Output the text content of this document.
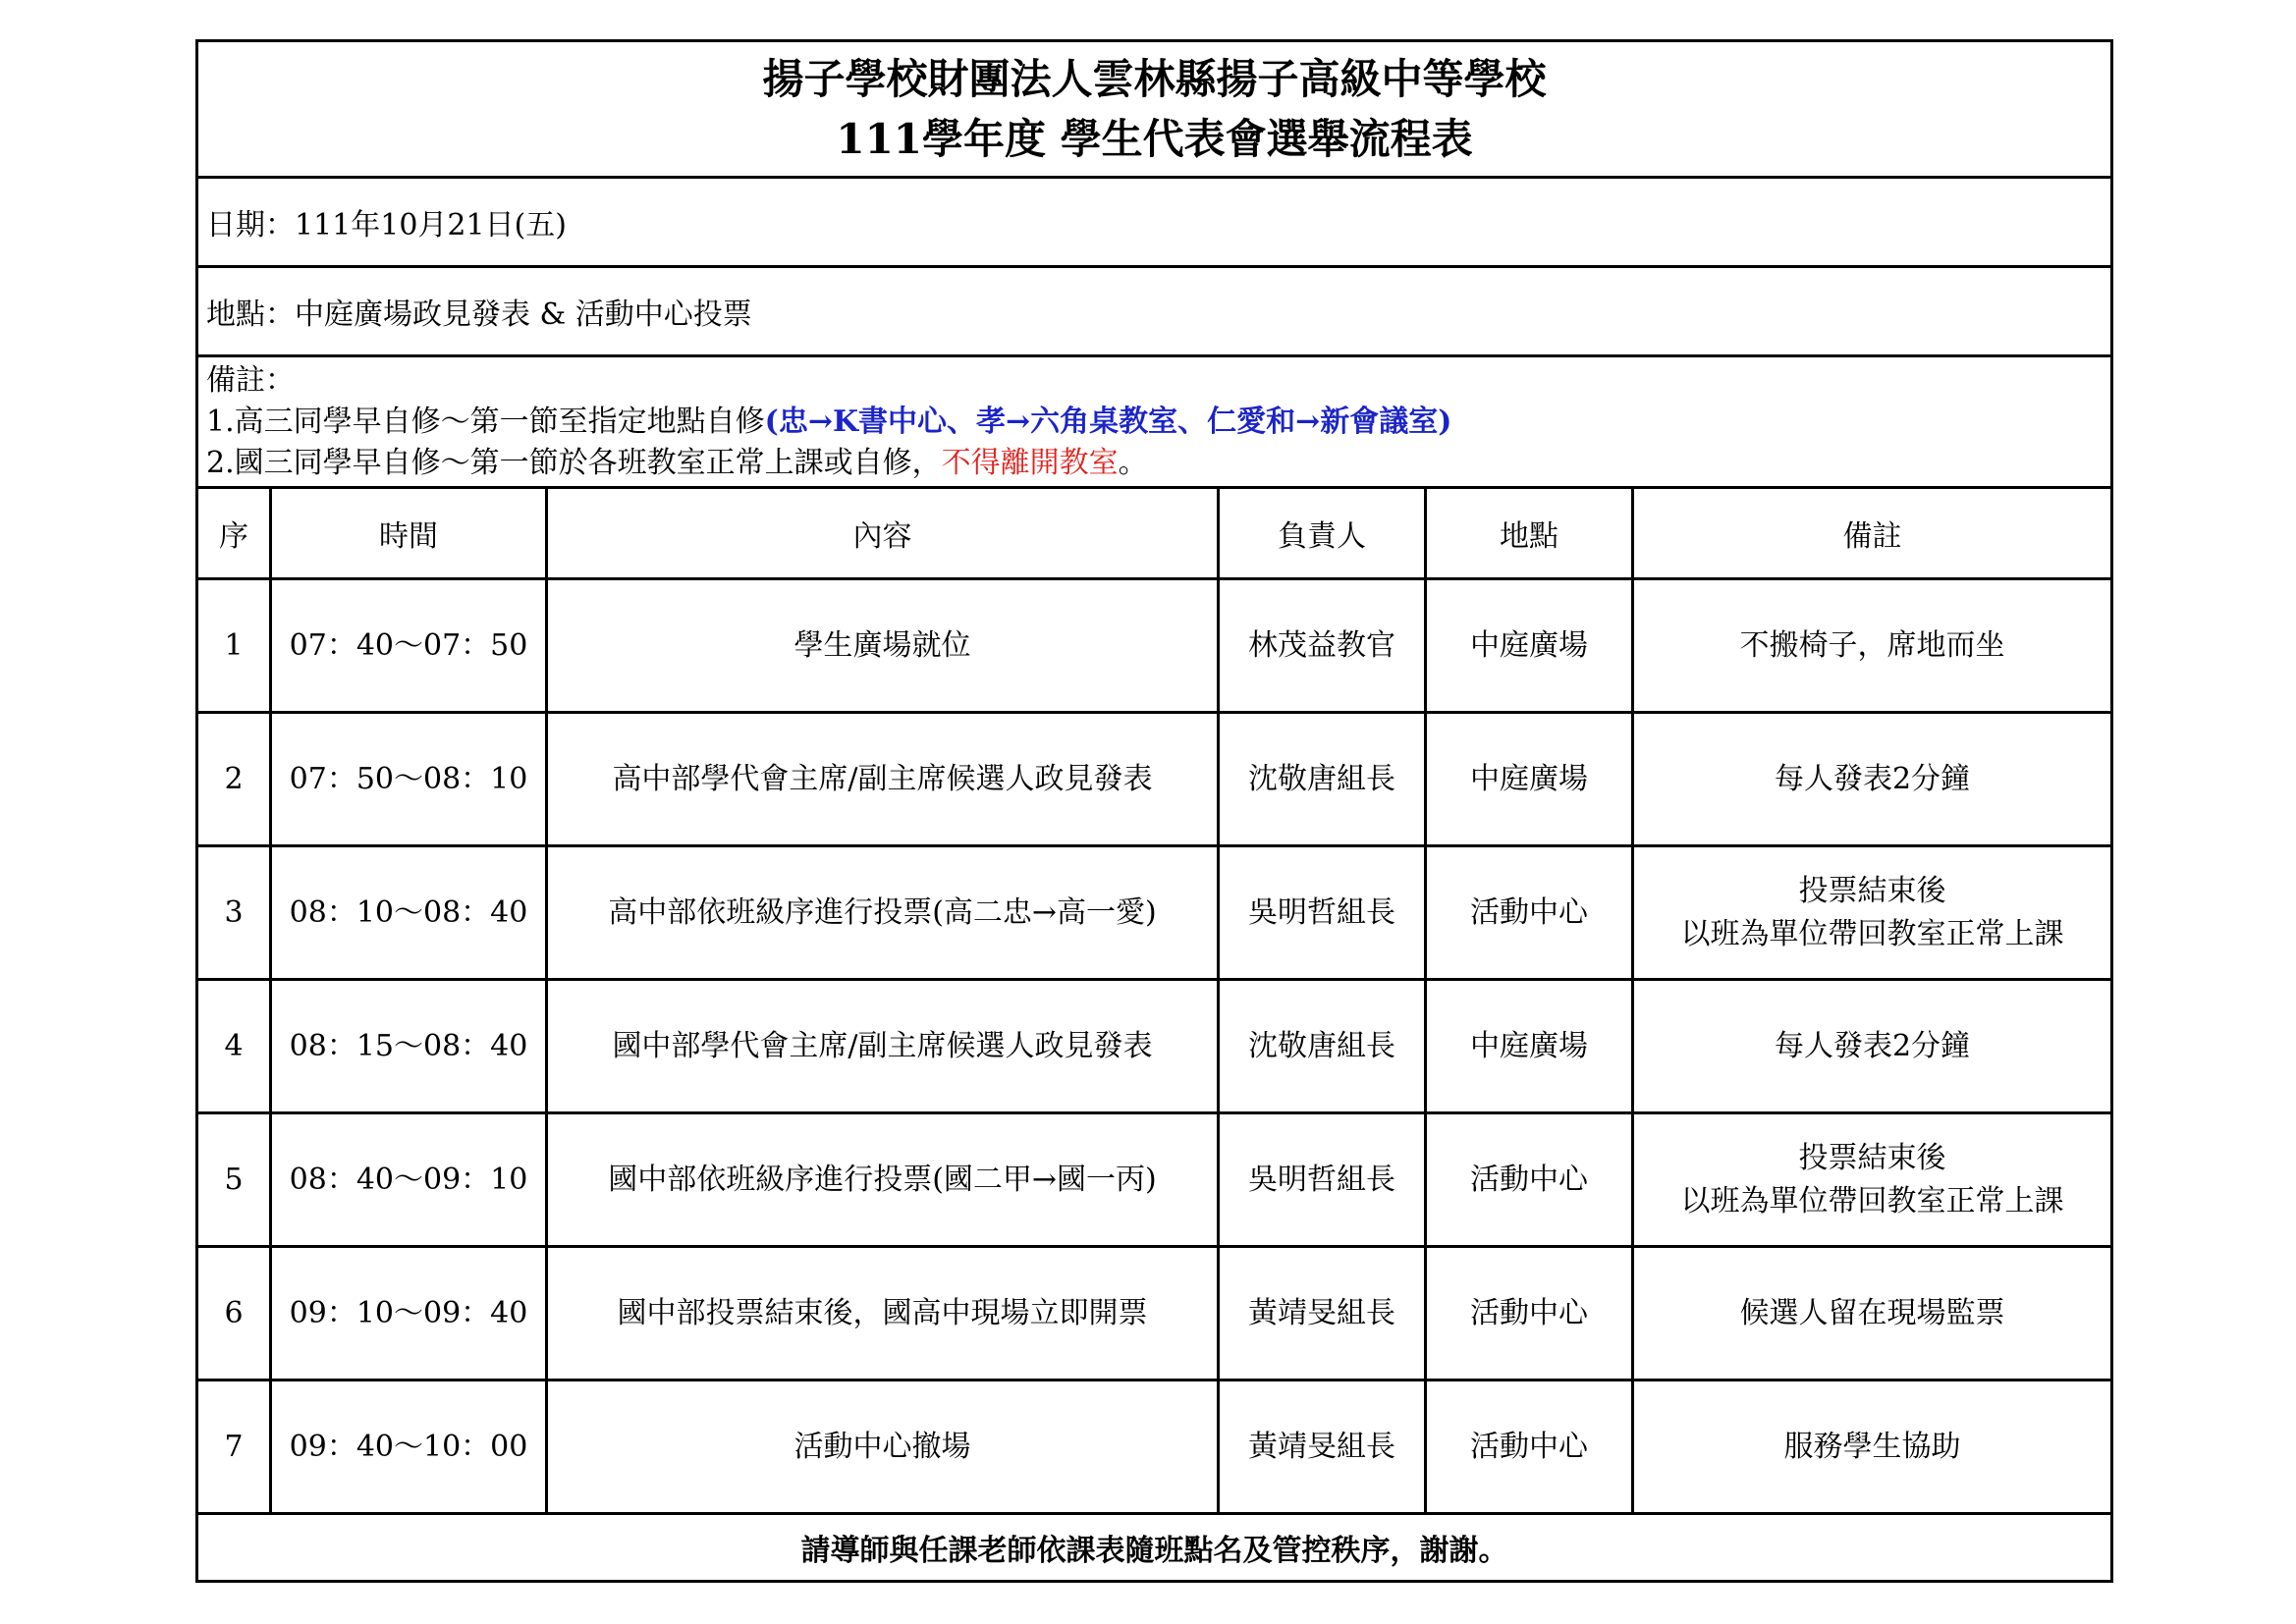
揚子學校財團法人雲林縣揚子高級中等學校
111學年度 學生代表會選舉流程表					

日期：111年10月21日(五)					
地點：中庭廣場政見發表 & 活動中心投票					

備註：
1.高三同學早自修～第一節至指定地點自修(忠→K書中心、孝→六角桌教室、仁愛和→新會議室)
2.國三同學早自修～第一節於各班教室正常上課或自修，不得離開教室。					

序	時間	內容	負責人	地點	備註
1	07：40～07：50	學生廣場就位	林茂益教官	中庭廣場	不搬椅子，席地而坐

2	07：50～08：10	高中部學代會主席/副主席候選人政見發表	沈敬唐組長	中庭廣場	每人發表2分鐘

3	08：10～08：40	高中部依班級序進行投票(高二忠→高一愛)	吳明哲組長	活動中心	投票結束後
以班為單位帶回教室正常上課

4	08：15～08：40	國中部學代會主席/副主席候選人政見發表	沈敬唐組長	中庭廣場	每人發表2分鐘

5	08：40～09：10	國中部依班級序進行投票(國二甲→國一丙)	吳明哲組長	活動中心	投票結束後
以班為單位帶回教室正常上課

6	09：10～09：40	國中部投票結束後，國高中現場立即開票	黃靖旻組長	活動中心	候選人留在現場監票

7	09：40～10：00	活動中心撤場	黃靖旻組長	活動中心	服務學生協助

請導師與任課老師依課表隨班點名及管控秩序，謝謝。					
